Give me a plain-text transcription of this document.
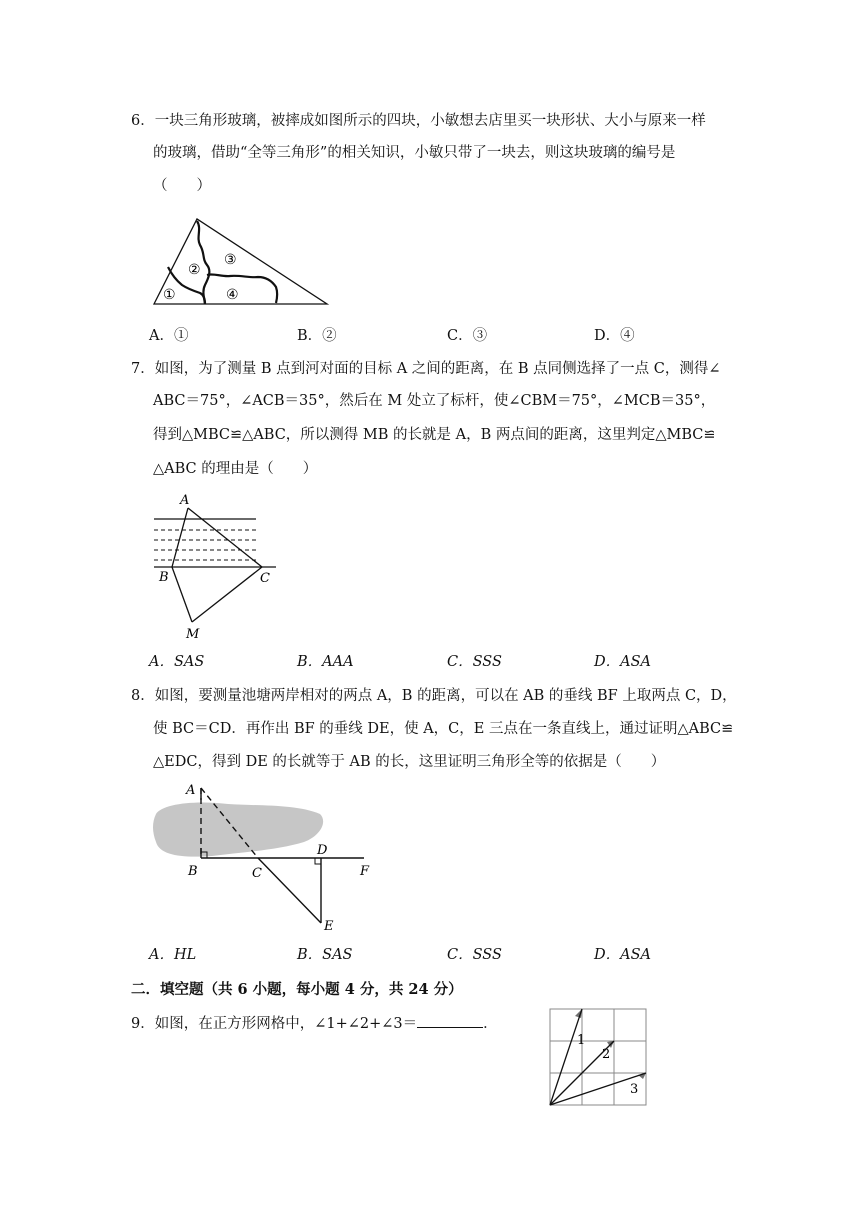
6．一块三角形玻璃，被摔成如图所示的四块，小敏想去店里买一块形状、大小与原来一样
的玻璃，借助“全等三角形”的相关知识，小敏只带了一块去，则这块玻璃的编号是
（　　）
①
②
③
④
A．①	B．②	C．③	D．④
7．如图，为了测量 B 点到河对面的目标 A 之间的距离，在 B 点同侧选择了一点 C，测得∠
ABC＝75°，∠ACB＝35°，然后在 M 处立了标杆，使∠CBM＝75°，∠MCB＝35°，
得到△MBC≌△ABC，所以测得 MB 的长就是 A，B 两点间的距离，这里判定△MBC≌
△ABC 的理由是（　　）
A
B	C
M
A．SAS	B．AAA	C．SSS	D．ASA
8．如图，要测量池塘两岸相对的两点 A，B 的距离，可以在 AB 的垂线 BF 上取两点 C，D，
使 BC＝CD．再作出 BF 的垂线 DE，使 A，C，E 三点在一条直线上，通过证明△ABC≌
△EDC，得到 DE 的长就等于 AB 的长，这里证明三角形全等的依据是（　　）
A
B	C
D
F
E
A．HL	B．SAS	C．SSS	D．ASA
二．填空题（共 6 小题，每小题 4 分，共 24 分）
9．如图，在正方形网格中，∠1+∠2+∠3＝	．
1
2
3
